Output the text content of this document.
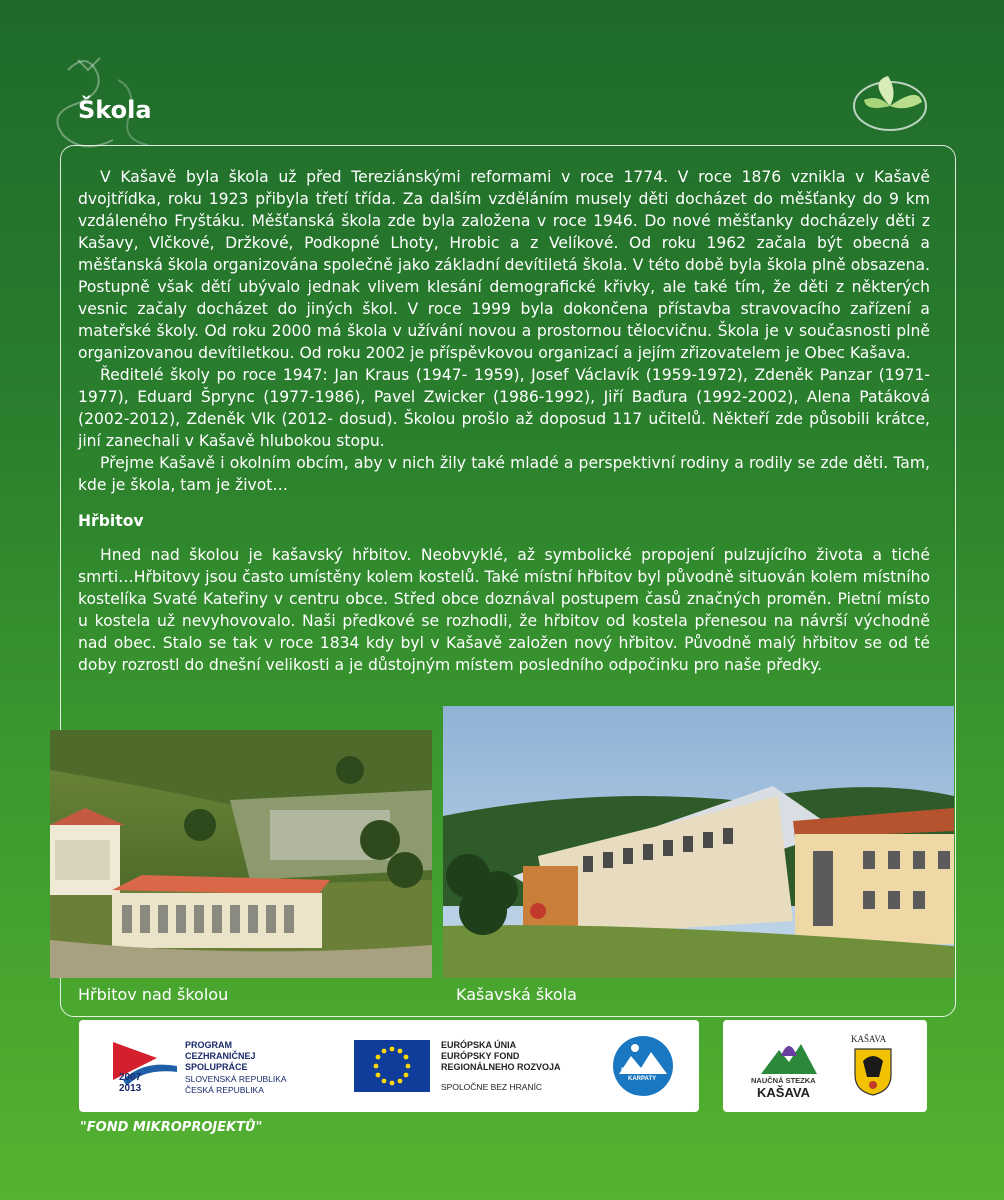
Škola

V Kašavě byla škola už před Tereziánskými reformami v roce 1774. V roce 1876 vznikla v Kašavě dvojtřídka, roku 1923 přibyla třetí třída. Za dalším vzděláním musely děti docházet do měšťanky do 9 km vzdáleného Fryštáku. Měšťanská škola zde byla založena v roce 1946. Do nové měšťanky docházely děti z Kašavy, Vlčkové, Držkové, Podkopné Lhoty, Hrobic a z Velíkové. Od roku 1962 začala být obecná a měšťanská škola organizována společně jako základní devítiletá škola. V této době byla škola plně obsazena. Postupně však dětí ubývalo jednak vlivem klesání demografické křivky, ale také tím, že děti z některých vesnic začaly docházet do jiných škol. V roce 1999 byla dokončena přístavba stravovacího zařízení a mateřské školy. Od roku 2000 má škola v užívání novou a prostornou tělocvičnu. Škola je v současnosti plně organizovanou devítiletkou. Od roku 2002 je příspěvkovou organizací a jejím zřizovatelem je Obec Kašava.

Ředitelé školy po roce 1947: Jan Kraus (1947- 1959), Josef Václavík (1959-1972), Zdeněk Panzar (1971-1977), Eduard Šprync (1977-1986), Pavel Zwicker (1986-1992), Jiří Baďura (1992-2002), Alena Patáková (2002-2012), Zdeněk Vlk (2012- dosud). Školou prošlo až doposud 117 učitelů. Někteří zde působili krátce, jiní zanechali v Kašavě hlubokou stopu.

Přejme Kašavě i okolním obcím, aby v nich žily také mladé a perspektivní rodiny a rodily se zde děti. Tam, kde je škola, tam je život…

Hřbitov

Hned nad školou je kašavský hřbitov. Neobvyklé, až symbolické propojení pulzujícího života a tiché smrti…Hřbitovy jsou často umístěny kolem kostelů. Také místní hřbitov byl původně situován kolem místního kostelíka Svaté Kateřiny v centru obce. Střed obce doznával postupem časů značných proměn. Pietní místo u kostela už nevyhovovalo. Naši předkové se rozhodli, že hřbitov od kostela přenesou na návrší východně nad obec. Stalo se tak v roce 1834 kdy byl v Kašavě založen nový hřbitov. Původně malý hřbitov se od té doby rozrostl do dnešní velikosti a je důstojným místem posledního odpočinku pro naše předky.

Hřbitov nad školou	Kašavská škola
2007
2013
PROGRAM
CEZHRANIČNEJ
SPOLUPRÁCE
SLOVENSKÁ REPUBLIKA
ČESKÁ REPUBLIKA
EURÓPSKA ÚNIA
EURÓPSKY FOND
REGIONÁLNEHO ROZVOJA
SPOLOČNE BEZ HRANÍC
BÍLÉ - BIELE
KARPATY	NAUČNÁ STEZKA
KAŠAVA
KAŠAVA
"FOND MIKROPROJEKTŮ"
